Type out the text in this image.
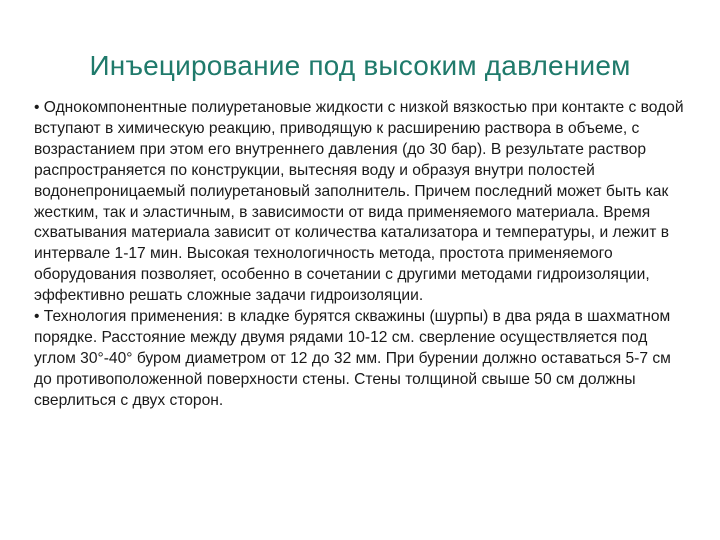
Инъецирование под высоким давлением

• Однокомпонентные полиуретановые жидкости с низкой вязкостью при контакте с водой вступают в химическую реакцию, приводящую к расширению раствора в объеме, с возрастанием при этом его внутреннего давления (до 30 бар). В результате раствор распространяется по конструкции, вытесняя воду и образуя внутри полостей водонепроницаемый полиуретановый заполнитель. Причем последний может быть как жестким, так и эластичным, в зависимости от вида применяемого материала. Время схватывания материала зависит от количества катализатора и температуры, и лежит в интервале 1-17 мин. Высокая технологичность метода, простота применяемого оборудования позволяет, особенно в сочетании с другими методами гидроизоляции, эффективно решать сложные задачи гидроизоляции.

• Технология применения: в кладке бурятся скважины (шурпы) в два ряда в шахматном порядке. Расстояние между двумя рядами 10-12 см. сверление осуществляется под углом 30°-40° буром диаметром от 12 до 32 мм. При бурении должно оставаться 5-7 см до противоположенной поверхности стены. Стены толщиной свыше 50 см должны сверлиться с двух сторон.
